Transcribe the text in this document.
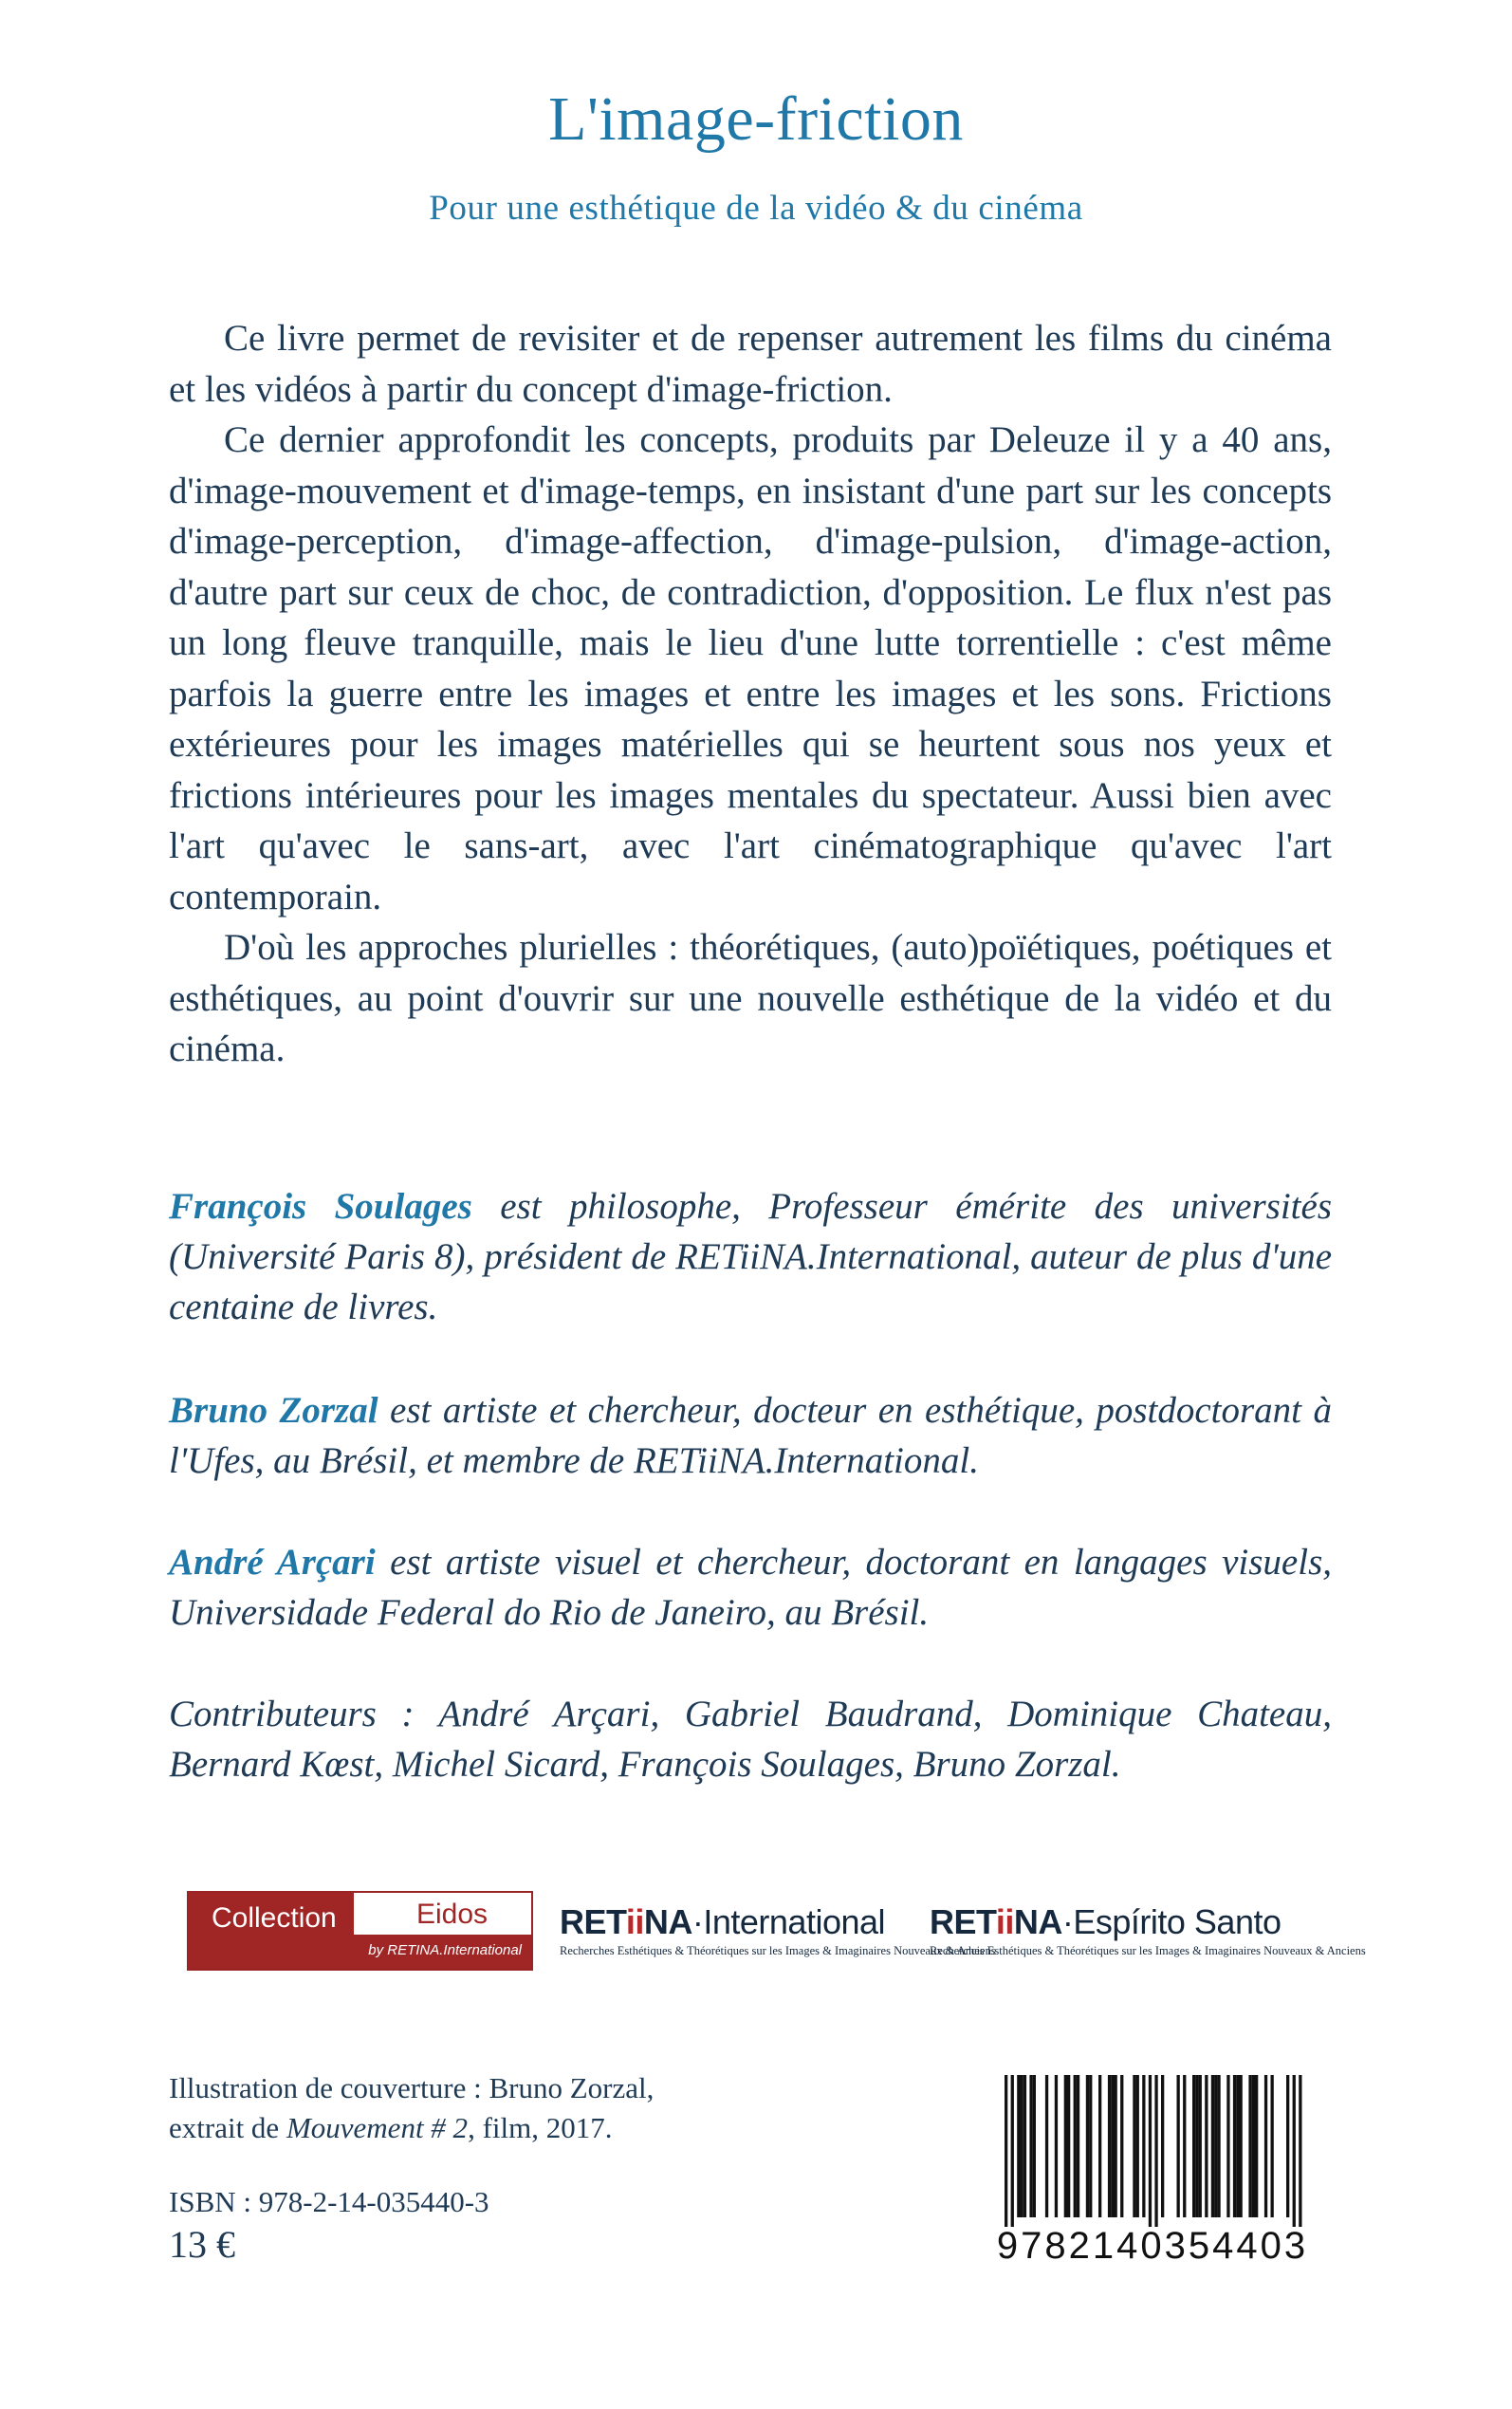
L'image-friction
Pour une esthétique de la vidéo & du cinéma

Ce livre permet de revisiter et de repenser autrement les films du cinéma et les vidéos à partir du concept d'image-friction.

Ce dernier approfondit les concepts, produits par Deleuze il y a 40 ans, d'image-mouvement et d'image-temps, en insistant d'une part sur les concepts d'image-perception, d'image-affection, d'image-pulsion, d'image-action, d'autre part sur ceux de choc, de contradiction, d'opposition. Le flux n'est pas un long fleuve tranquille, mais le lieu d'une lutte torrentielle : c'est même parfois la guerre entre les images et entre les images et les sons. Frictions extérieures pour les images matérielles qui se heurtent sous nos yeux et frictions intérieures pour les images mentales du spectateur. Aussi bien avec l'art qu'avec le sans-art, avec l'art cinématographique qu'avec l'art contemporain.

D'où les approches plurielles : théorétiques, (auto)poïétiques, poétiques et esthétiques, au point d'ouvrir sur une nouvelle esthétique de la vidéo et du cinéma.

François Soulages est philosophe, Professeur émérite des universités (Université Paris 8), président de RETiiNA.International, auteur de plus d'une centaine de livres.

Bruno Zorzal est artiste et chercheur, docteur en esthétique, postdoctorant à l'Ufes, au Brésil, et membre de RETiiNA.International.

André Arçari est artiste visuel et chercheur, doctorant en langages visuels, Universidade Federal do Rio de Janeiro, au Brésil.

Contributeurs : André Arçari, Gabriel Baudrand, Dominique Chateau, Bernard Kœst, Michel Sicard, François Soulages, Bruno Zorzal.

Collection	Eidos
by RETINA.International
RETiiNA·International
Recherches Esthétiques & Théorétiques sur les Images & Imaginaires Nouveaux & Anciens
RETiiNA·Espírito Santo
Recherches Esthétiques & Théorétiques sur les Images & Imaginaires Nouveaux & Anciens
Illustration de couverture : Bruno Zorzal,
extrait de Mouvement # 2, film, 2017.
ISBN : 978-2-14-035440-3
13 €	9782140354403
